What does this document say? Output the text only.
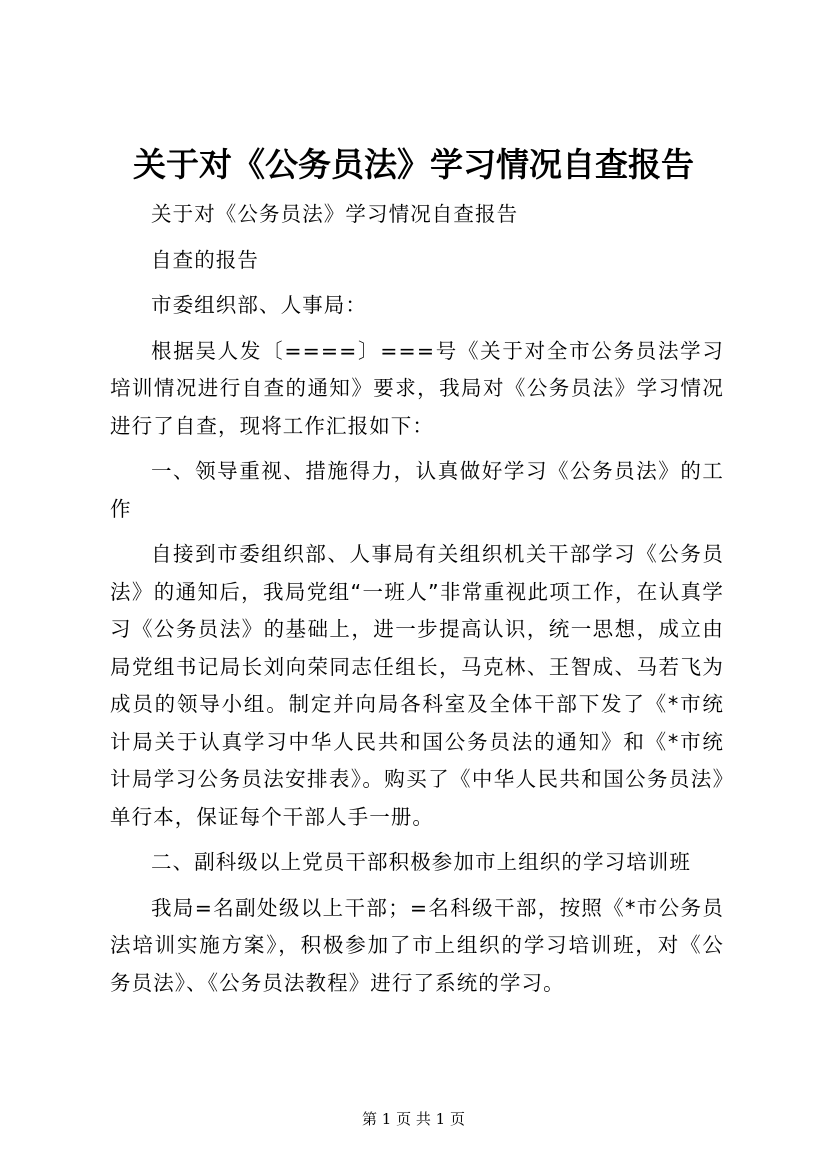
关于对《公务员法》学习情况自查报告

关于对《公务员法》学习情况自查报告

自查的报告

市委组织部、人事局：

根据吴人发〔====〕===号《关于对全市公务员法学习培训情况进行自查的通知》要求，我局对《公务员法》学习情况进行了自查，现将工作汇报如下：

一、领导重视、措施得力，认真做好学习《公务员法》的工作

自接到市委组织部、人事局有关组织机关干部学习《公务员法》的通知后，我局党组“一班人”非常重视此项工作，在认真学习《公务员法》的基础上，进一步提高认识，统一思想，成立由局党组书记局长刘向荣同志任组长，马克林、王智成、马若飞为成员的领导小组。制定并向局各科室及全体干部下发了《*市统计局关于认真学习中华人民共和国公务员法的通知》和《*市统计局学习公务员法安排表》。购买了《中华人民共和国公务员法》单行本，保证每个干部人手一册。

二、副科级以上党员干部积极参加市上组织的学习培训班

我局=名副处级以上干部；=名科级干部，按照《*市公务员法培训实施方案》，积极参加了市上组织的学习培训班，对《公务员法》、《公务员法教程》进行了系统的学习。

第 1 页 共 1 页
